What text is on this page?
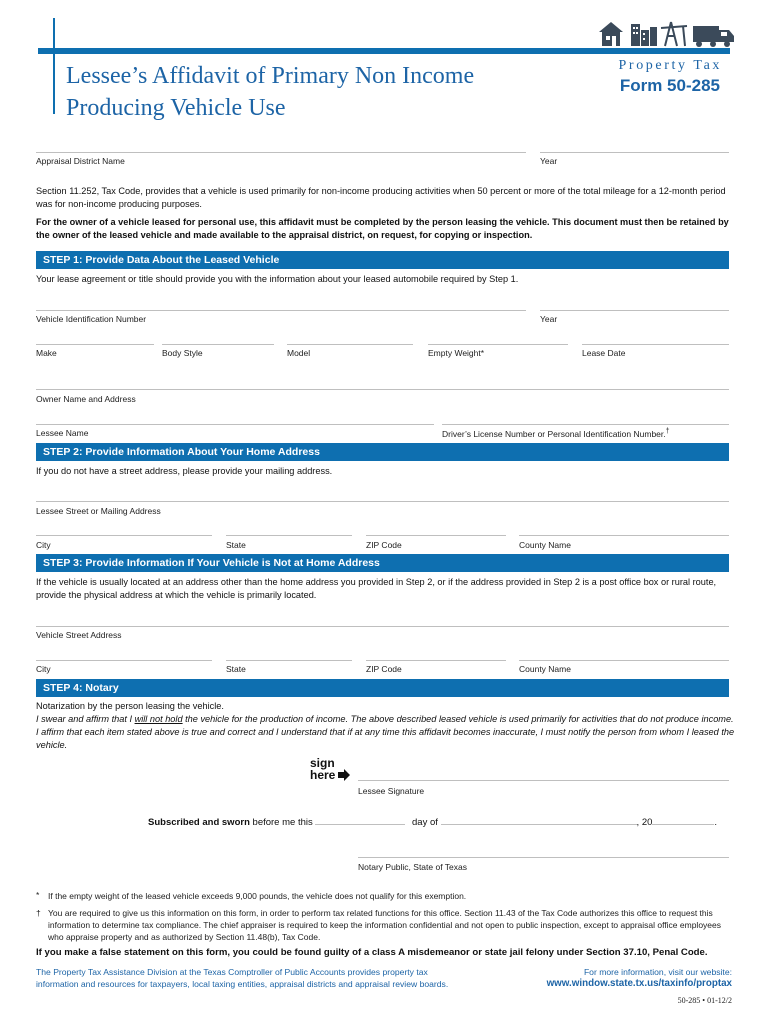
Lessee’s Affidavit of Primary Non Income
Producing Vehicle Use
Property Tax
Form 50-285
Appraisal District Name	Year
Section 11.252, Tax Code, provides that a vehicle is used primarily for non-income producing activities when 50 percent or more of the total mileage for a 12-month period was for non-income producing purposes.
For the owner of a vehicle leased for personal use, this affidavit must be completed by the person leasing the vehicle. This document must then be retained by the owner of the leased vehicle and made available to the appraisal district, on request, for copying or inspection.
STEP 1: Provide Data About the Leased Vehicle
Your lease agreement or title should provide you with the information about your leased automobile required by Step 1.
Vehicle Identification Number	Year
Make	Body Style	Model	Empty Weight*	Lease Date
Owner Name and Address
Lessee Name	Driver’s License Number or Personal Identification Number.†
STEP 2: Provide Information About Your Home Address
If you do not have a street address, please provide your mailing address.
Lessee Street or Mailing Address
City	State	ZIP Code	County Name
STEP 3: Provide Information If Your Vehicle is Not at Home Address
If the vehicle is usually located at an address other than the home address you provided in Step 2, or if the address provided in Step 2 is a post office box or rural route, provide the physical address at which the vehicle is primarily located.
Vehicle Street Address
City	State	ZIP Code	County Name
STEP 4: Notary
Notarization by the person leasing the vehicle.
I swear and affirm that I will not hold the vehicle for the production of income. The above described leased vehicle is used primarily for activities that do not produce income. I affirm that each item stated above is true and correct and I understand that if at any time this affidavit becomes inaccurate, I must notify the person from whom I leased the vehicle.
sign
here
Lessee Signature
Subscribed and sworn before me this	day of	, 20	.
Notary Public, State of Texas
* If the empty weight of the leased vehicle exceeds 9,000 pounds, the vehicle does not qualify for this exemption.
† You are required to give us this information on this form, in order to perform tax related functions for this office. Section 11.43 of the Tax Code authorizes this office to request this information to determine tax compliance. The chief appraiser is required to keep the information confidential and not open to public inspection, except to appraisal office employees who appraise property and as authorized by Section 11.48(b), Tax Code.
If you make a false statement on this form, you could be found guilty of a class A misdemeanor or state jail felony under Section 37.10, Penal Code.
The Property Tax Assistance Division at the Texas Comptroller of Public Accounts provides property tax
information and resources for taxpayers, local taxing entities, appraisal districts and appraisal review boards.
For more information, visit our website:
www.window.state.tx.us/taxinfo/proptax
50-285 • 01-12/2
